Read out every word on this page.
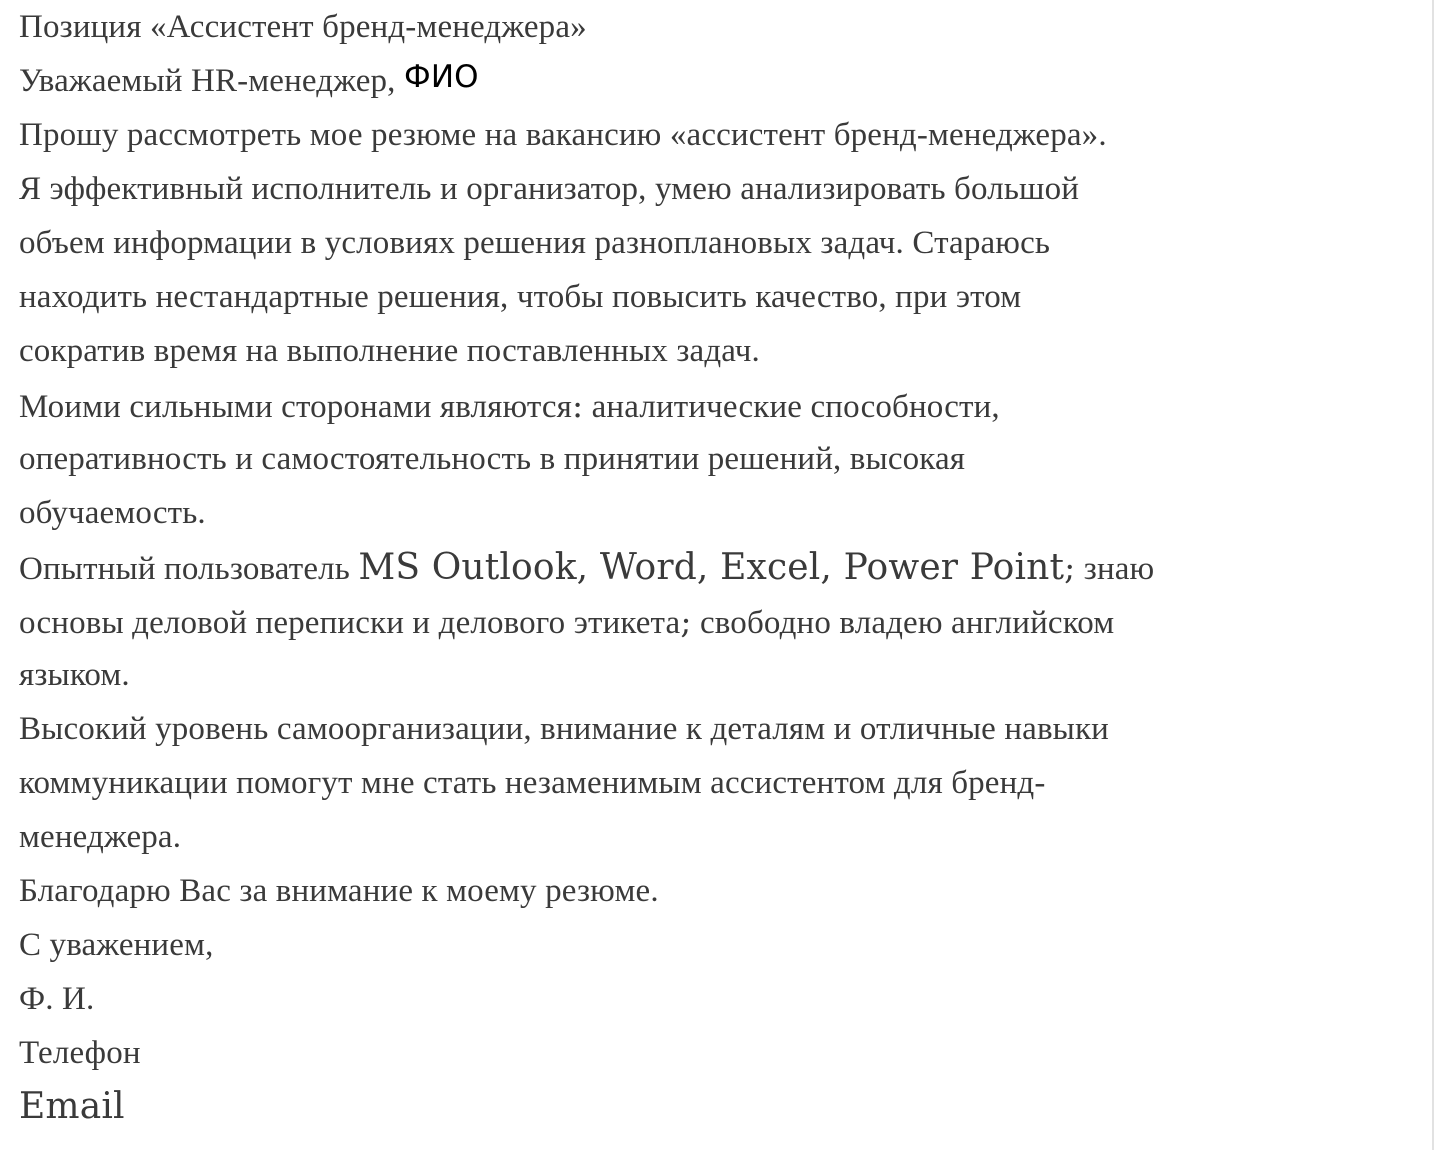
Позиция «Ассистент бренд-менеджера»
Уважаемый HR-менеджер, ФИО
Прошу рассмотреть мое резюме на вакансию «ассистент бренд-менеджера».
Я эффективный исполнитель и организатор, умею анализировать большой
объем информации в условиях решения разноплановых задач. Стараюсь
находить нестандартные решения, чтобы повысить качество, при этом
сократив время на выполнение поставленных задач.
Моими сильными сторонами являются: аналитические способности,
оперативность и самостоятельность в принятии решений, высокая
обучаемость.
Опытный пользователь MS Outlook, Word, Excel, Power Point; знаю
основы деловой переписки и делового этикета; свободно владею английском
языком.
Высокий уровень самоорганизации, внимание к деталям и отличные навыки
коммуникации помогут мне стать незаменимым ассистентом для бренд-
менеджера.
Благодарю Вас за внимание к моему резюме.
С уважением,
Ф. И.
Телефон
Email
